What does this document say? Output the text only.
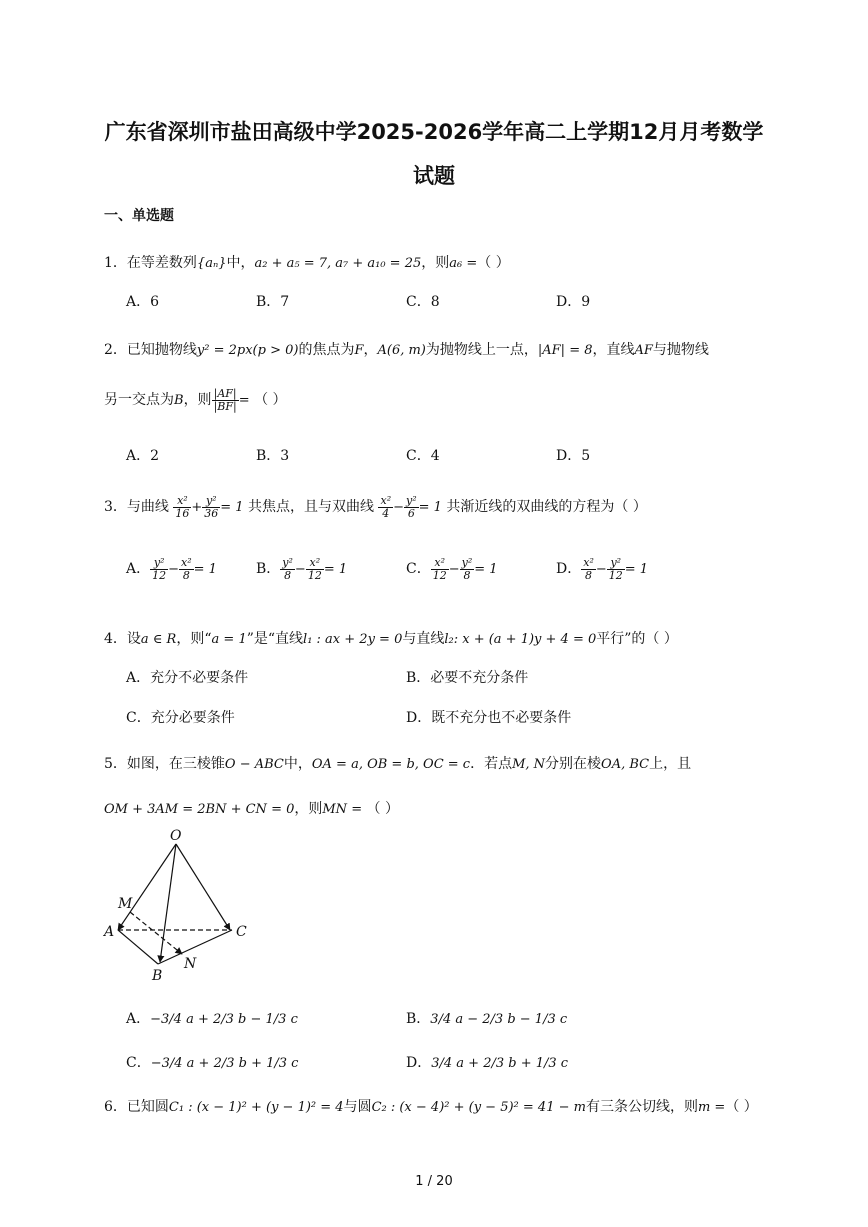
广东省深圳市盐田高级中学2025-2026学年高二上学期12月月考数学
试题
一、单选题
1．在等差数列{aₙ}中，a₂ + a₅ = 7, a₇ + a₁₀ = 25，则a₆ =（ ）
A．6	B．7	C．8	D．9
2．已知抛物线y² = 2px(p > 0)的焦点为F，A(6, m)为抛物线上一点，|AF| = 8，直线AF与抛物线
另一交点为B，则 $\frac{|AF|}{|BF|}$ = （ ）
A．2	B．3	C．4	D．5
3．与曲线 $\frac{\text{x²}}{16} + \frac{\text{y²}}{36} = 1$ 共焦点，且与双曲线 $\frac{\text{x²}}{4} - \frac{\text{y²}}{6} = 1$ 共渐近线的双曲线的方程为（ ）
A． $\frac{\text{y²}}{12} - \frac{\text{x²}}{8} = 1$	B． $\frac{\text{y²}}{8} - \frac{\text{x²}}{12} = 1$	C． $\frac{\text{x²}}{12} - \frac{\text{y²}}{8} = 1$	D． $\frac{\text{x²}}{8} - \frac{\text{y²}}{12} = 1$
4．设a ∈ R，则“a = 1”是“直线l₁ : ax + 2y = 0与直线l₂: x + (a + 1)y + 4 = 0平行”的（ ）
A．充分不必要条件	B．必要不充分条件
C．充分必要条件	D．既不充分也不必要条件
5．如图，在三棱锥O − ABC中，OA = a, OB = b, OC = c．若点M, N分别在棱OA, BC上，且
OM + 3AM = 2BN + CN = 0，则MN = （ ）
O
M
A
B
C
N
A．−3/4 a + 2/3 b − 1/3 c	B．3/4 a − 2/3 b − 1/3 c
C．−3/4 a + 2/3 b + 1/3 c	D．3/4 a + 2/3 b + 1/3 c
6．已知圆C₁ : (x − 1)² + (y − 1)² = 4与圆C₂ : (x − 4)² + (y − 5)² = 41 − m有三条公切线，则m =（ ）
1 / 20
